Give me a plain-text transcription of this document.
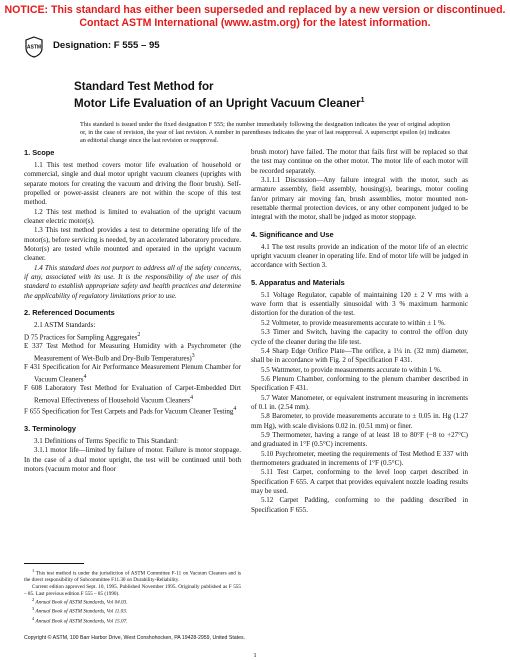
NOTICE: This standard has either been superseded and replaced by a new version or discontinued.
Contact ASTM International (www.astm.org) for the latest information.
ASTM Designation: F 555 – 95
Standard Test Method for
Motor Life Evaluation of an Upright Vacuum Cleaner$^1$
This standard is issued under the fixed designation F 555; the number immediately following the designation indicates the year of original adoption or, in the case of revision, the year of last revision. A number in parentheses indicates the year of last reapproval. A superscript epsilon (e) indicates an editorial change since the last revision or reapproval.
1. Scope

1.1 This test method covers motor life evaluation of household or commercial, single and dual motor upright vacuum cleaners (uprights with separate motors for creating the vacuum and driving the floor brush). Self-propelled or power-assist cleaners are not within the scope of this test method.

1.2 This test method is limited to evaluation of the upright vacuum cleaner electric motor(s).

1.3 This test method provides a test to determine operating life of the motor(s), before servicing is needed, by an accelerated laboratory procedure. Motor(s) are tested while mounted and operated in the upright vacuum cleaner.

1.4 This standard does not purport to address all of the safety concerns, if any, associated with its use. It is the responsibility of the user of this standard to establish appropriate safety and health practices and determine the applicability of regulatory limitations prior to use.

2. Referenced Documents

2.1 ASTM Standards:

D 75 Practices for Sampling Aggregates$^2$

E 337 Test Method for Measuring Humidity with a Psychrometer (the Measurement of Wet-Bulb and Dry-Bulb Temperatures)$^3$

F 431 Specification for Air Performance Measurement Plenum Chamber for Vacuum Cleaners$^4$

F 608 Laboratory Test Method for Evaluation of Carpet-Embedded Dirt Removal Effectiveness of Household Vacuum Cleaners$^4$

F 655 Specification for Test Carpets and Pads for Vacuum Cleaner Testing$^4$

3. Terminology

3.1 Definitions of Terms Specific to This Standard:

3.1.1 motor life—limited by failure of motor. Failure is motor stoppage. In the case of a dual motor upright, the test will be continued until both motors (vacuum motor and floor

brush motor) have failed. The motor that fails first will be replaced so that the test may continue on the other motor. The motor life of each motor will be recorded separately.

3.1.1.1 Discussion—Any failure integral with the motor, such as armature assembly, field assembly, housing(s), bearings, motor cooling fan/or primary air moving fan, brush assemblies, motor mounted non-resettable thermal protection devices, or any other component judged to be integral with the motor, shall be judged as motor stoppage.

4. Significance and Use

4.1 The test results provide an indication of the motor life of an electric upright vacuum cleaner in operating life. End of motor life will be judged in accordance with Section 3.

5. Apparatus and Materials

5.1 Voltage Regulator, capable of maintaining 120 ± 2 V rms with a wave form that is essentially sinusoidal with 3 % maximum harmonic distortion for the duration of the test.

5.2 Voltmeter, to provide measurements accurate to within ± 1 %.

5.3 Timer and Switch, having the capacity to control the off/on duty cycle of the cleaner during the life test.

5.4 Sharp Edge Orifice Plate—The orifice, a 1¼ in. (32 mm) diameter, shall be in accordance with Fig. 2 of Specification F 431.

5.5 Wattmeter, to provide measurements accurate to within 1 %.

5.6 Plenum Chamber, conforming to the plenum chamber described in Specification F 431.

5.7 Water Manometer, or equivalent instrument measuring in increments of 0.1 in. (2.54 mm).

5.8 Barometer, to provide measurements accurate to ± 0.05 in. Hg (1.27 mm Hg), with scale divisions 0.02 in. (0.51 mm) or finer.

5.9 Thermometer, having a range of at least 18 to 80°F (−8 to +27°C) and graduated in 1°F (0.5°C) increments.

5.10 Psychrometer, meeting the requirements of Test Method E 337 with thermometers graduated in increments of 1°F (0.5°C).

5.11 Test Carpet, conforming to the level loop carpet described in Specification F 655. A carpet that provides equivalent nozzle loading results may be used.

5.12 Carpet Padding, conforming to the padding described in Specification F 655.

$^1$ This test method is under the jurisdiction of ASTM Committee F-11 on Vacuum Cleaners and is the direct responsibility of Subcommittee F11.30 on Durability-Reliability.

Current edition approved Sept. 10, 1995. Published November 1995. Originally published as F 555 – 85. Last previous edition F 555 – 85 (1990).

$^2$ Annual Book of ASTM Standards, Vol 04.03.

$^3$ Annual Book of ASTM Standards, Vol 11.03.

$^4$ Annual Book of ASTM Standards, Vol 15.07.

Copyright © ASTM, 100 Barr Harbor Drive, West Conshohocken, PA 19428-2959, United States.
1
